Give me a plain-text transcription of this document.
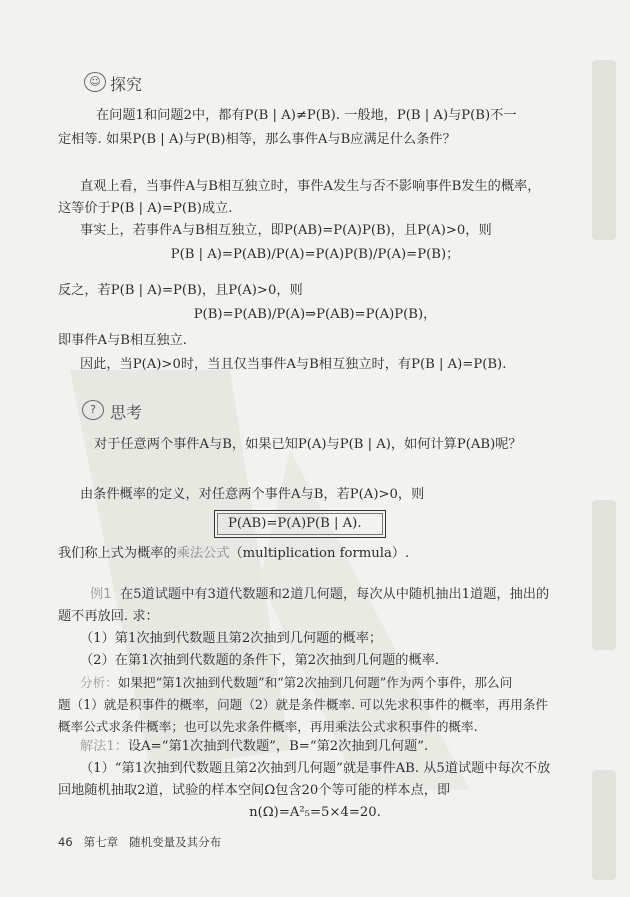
☺ 探究
在问题1和问题2中，都有P(B | A)≠P(B). 一般地，P(B | A)与P(B)不一
定相等. 如果P(B | A)与P(B)相等，那么事件A与B应满足什么条件？
直观上看，当事件A与B相互独立时，事件A发生与否不影响事件B发生的概率，
这等价于P(B | A)=P(B)成立.
事实上，若事件A与B相互独立，即P(AB)=P(A)P(B)，且P(A)>0，则
P(B | A)=P(AB)/P(A)=P(A)P(B)/P(A)=P(B)；
反之，若P(B | A)=P(B)，且P(A)>0，则
P(B)=P(AB)/P(A)⇒P(AB)=P(A)P(B)，
即事件A与B相互独立.
因此，当P(A)>0时，当且仅当事件A与B相互独立时，有P(B | A)=P(B).
? 思考
对于任意两个事件A与B，如果已知P(A)与P(B | A)，如何计算P(AB)呢？
由条件概率的定义，对任意两个事件A与B，若P(A)>0，则
P(AB)=P(A)P(B | A).
我们称上式为概率的乘法公式（multiplication formula）.
例1 在5道试题中有3道代数题和2道几何题，每次从中随机抽出1道题，抽出的
题不再放回. 求：
（1）第1次抽到代数题且第2次抽到几何题的概率；
（2）在第1次抽到代数题的条件下，第2次抽到几何题的概率.
分析：如果把“第1次抽到代数题”和“第2次抽到几何题”作为两个事件，那么问
题（1）就是积事件的概率，问题（2）就是条件概率. 可以先求积事件的概率，再用条件
概率公式求条件概率；也可以先求条件概率，再用乘法公式求积事件的概率.
解法1：设A=“第1次抽到代数题”，B=“第2次抽到几何题”.
（1）“第1次抽到代数题且第2次抽到几何题”就是事件AB. 从5道试题中每次不放
回地随机抽取2道，试验的样本空间Ω包含20个等可能的样本点，即
n(Ω)=A²₅=5×4=20.
46 第七章 随机变量及其分布
